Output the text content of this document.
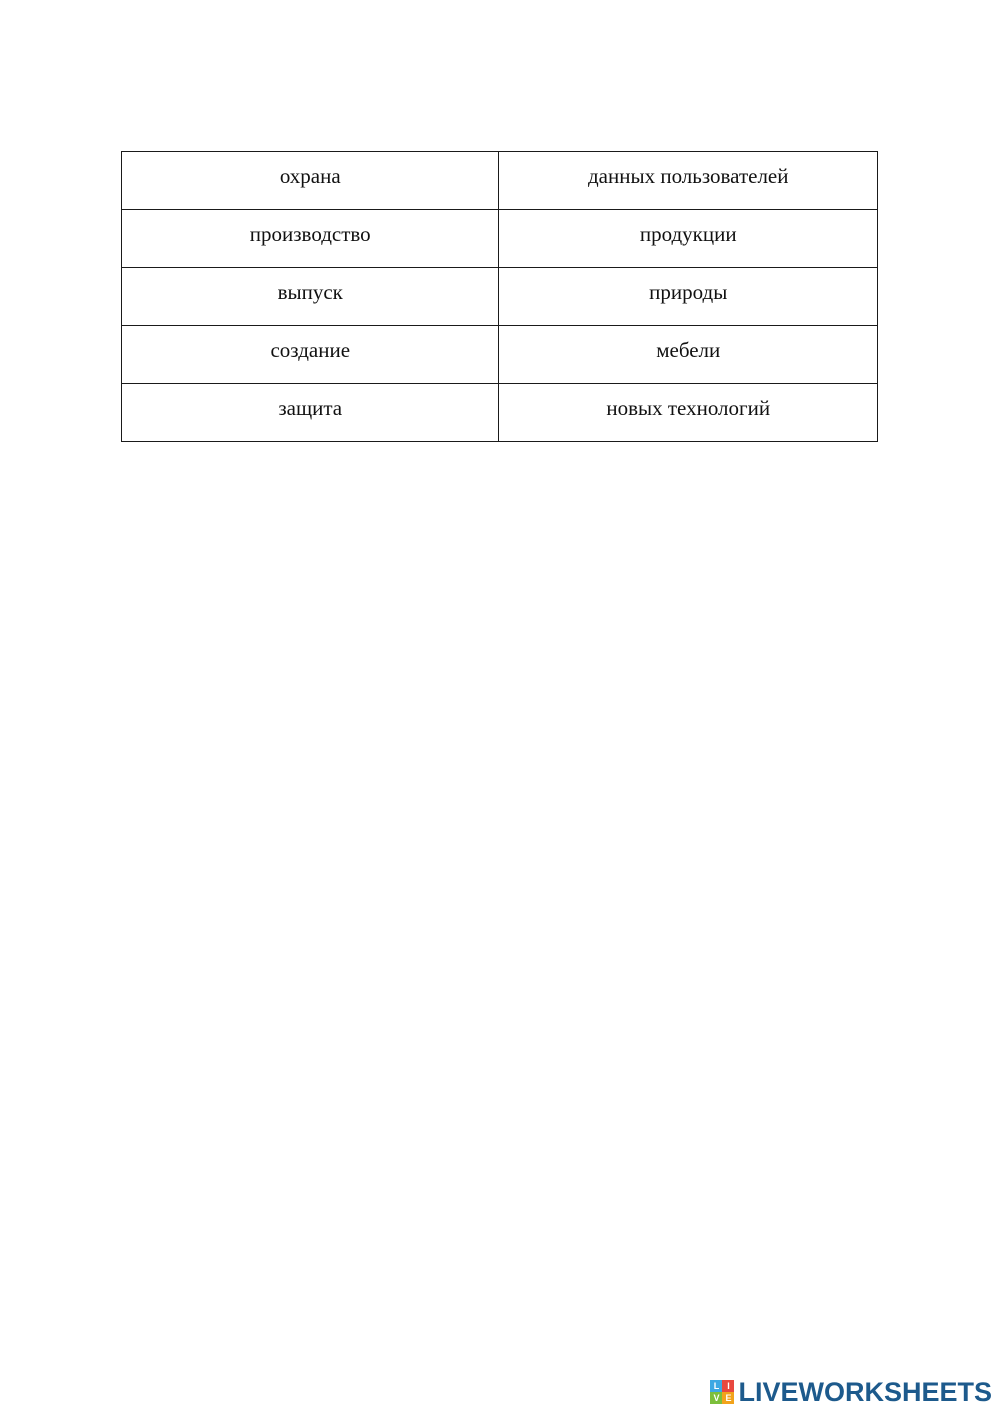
охрана	данных пользователей
производство	продукции
выпуск	природы
создание	мебели
защита	новых технологий
L I
V E LIVEWORKSHEETS
